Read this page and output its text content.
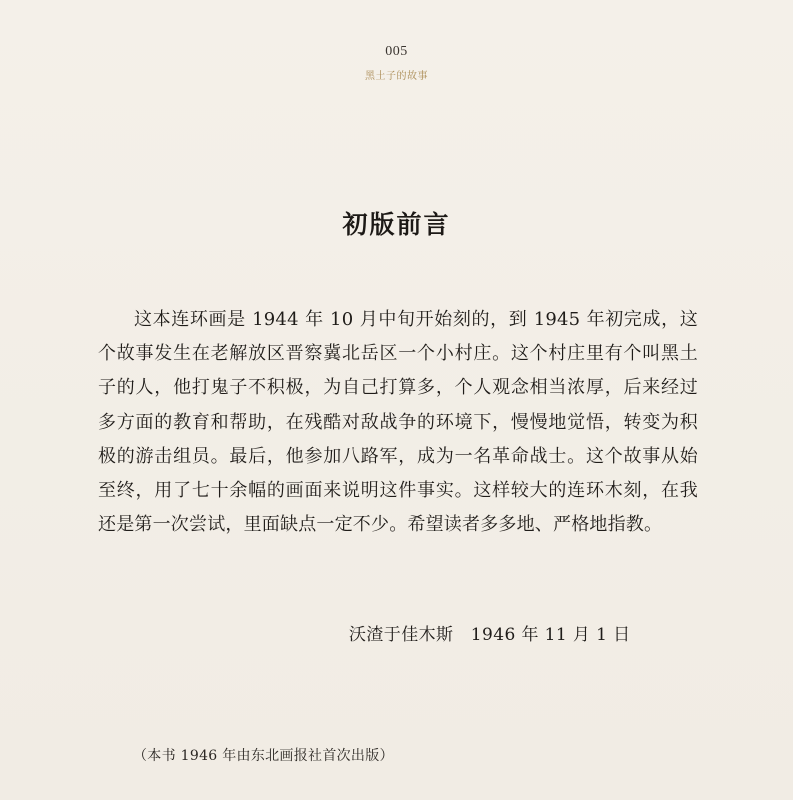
005
黑土子的故事
初版前言

这本连环画是 1944 年 10 月中旬开始刻的，到 1945 年初完成，这个故事发生在老解放区晋察冀北岳区一个小村庄。这个村庄里有个叫黑土子的人，他打鬼子不积极，为自己打算多，个人观念相当浓厚，后来经过多方面的教育和帮助，在残酷对敌战争的环境下，慢慢地觉悟，转变为积极的游击组员。最后，他参加八路军，成为一名革命战士。这个故事从始至终，用了七十余幅的画面来说明这件事实。这样较大的连环木刻，在我还是第一次尝试，里面缺点一定不少。希望读者多多地、严格地指教。

沃渣于佳木斯　1946 年 11 月 1 日
（本书 1946 年由东北画报社首次出版）
